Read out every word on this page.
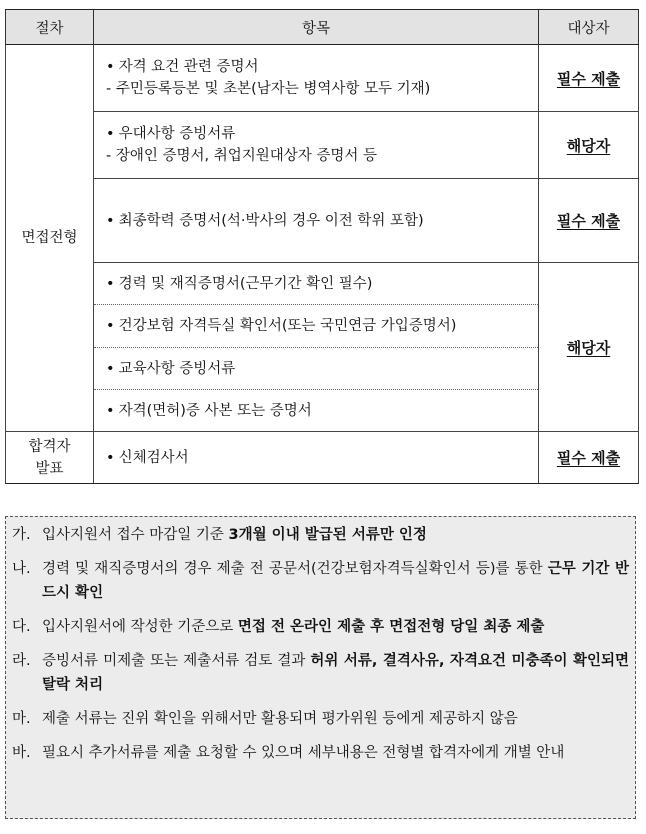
절차	항목	대상자
면접전형	• 자격 요건 관련 증명서
- 주민등록등본 및 초본(남자는 병역사항 모두 기재)	필수 제출

	• 우대사항 증빙서류
- 장애인 증명서, 취업지원대상자 증명서 등	해당자

	• 최종학력 증명서(석·박사의 경우 이전 학위 포함)	필수 제출
	• 경력 및 재직증명서(근무기간 확인 필수)	해당자
	• 건강보험 자격득실 확인서(또는 국민연금 가입증명서)	
	• 교육사항 증빙서류	
	• 자격(면허)증 사본 또는 증명서	

합격자
발표	• 신체검사서	필수 제출
가. 입사지원서 접수 마감일 기준 3개월 이내 발급된 서류만 인정
나. 경력 및 재직증명서의 경우 제출 전 공문서(건강보험자격득실확인서 등)를 통한 근무 기간 반드시 확인
다. 입사지원서에 작성한 기준으로 면접 전 온라인 제출 후 면접전형 당일 최종 제출
라. 증빙서류 미제출 또는 제출서류 검토 결과 허위 서류, 결격사유, 자격요건 미충족이 확인되면 탈락 처리
마. 제출 서류는 진위 확인을 위해서만 활용되며 평가위원 등에게 제공하지 않음
바. 필요시 추가서류를 제출 요청할 수 있으며 세부내용은 전형별 합격자에게 개별 안내
